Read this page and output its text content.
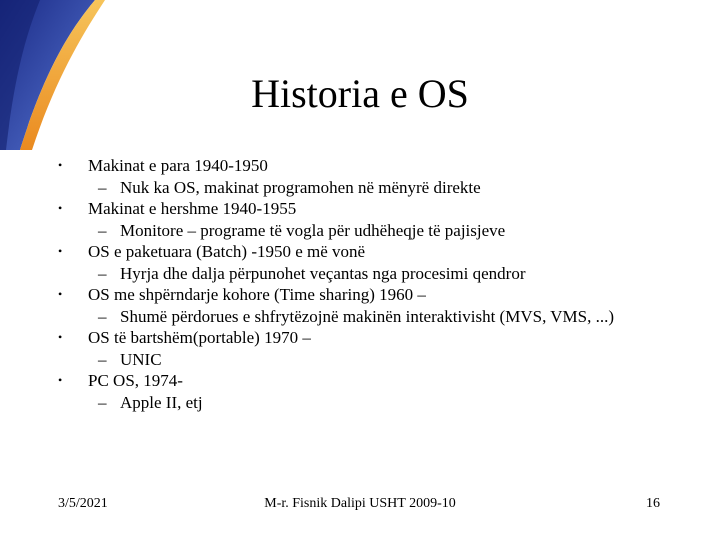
Historia e OS
• Makinat e para 1940-1950
– Nuk ka OS, makinat programohen në mënyrë direkte
• Makinat e hershme 1940-1955
– Monitore – programe të vogla për udhëheqje të pajisjeve
• OS e paketuara (Batch) -1950 e më vonë
– Hyrja dhe dalja përpunohet veçantas nga procesimi qendror
• OS me shpërndarje kohore (Time sharing) 1960 –
– Shumë përdorues e shfrytëzojnë makinën interaktivisht (MVS, VMS, ...)
• OS të bartshëm(portable) 1970 –
– UNIC
• PC OS, 1974-
– Apple II, etj
3/5/2021	M-r. Fisnik Dalipi USHT 2009-10	16
